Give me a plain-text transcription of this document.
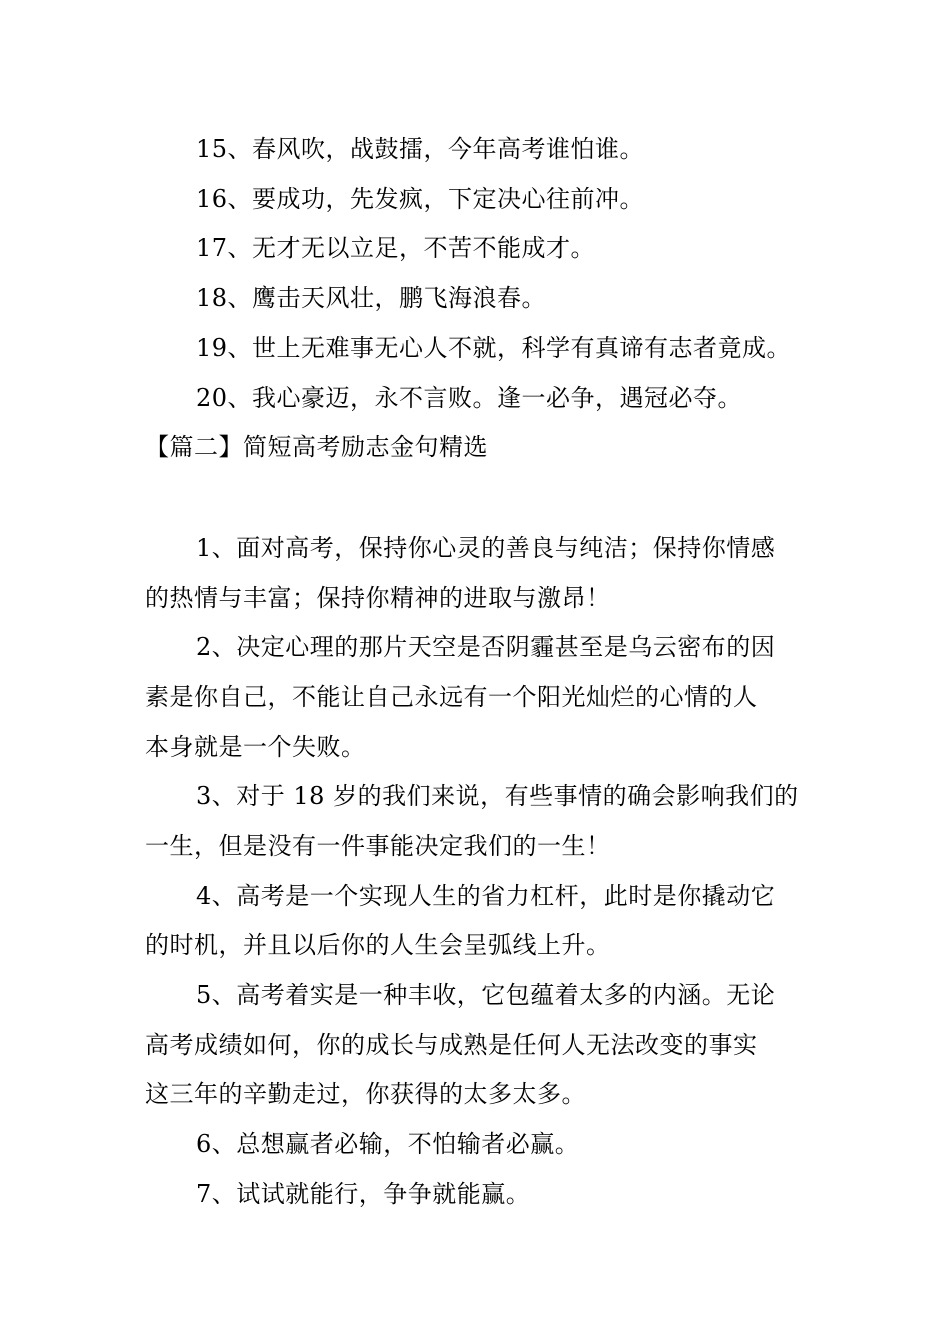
15、春风吹，战鼓擂，今年高考谁怕谁。
16、要成功，先发疯，下定决心往前冲。
17、无才无以立足，不苦不能成才。
18、鹰击天风壮，鹏飞海浪春。
19、世上无难事无心人不就，科学有真谛有志者竟成。
20、我心豪迈，永不言败。逢一必争，遇冠必夺。
【篇二】简短高考励志金句精选
1、面对高考，保持你心灵的善良与纯洁；保持你情感
的热情与丰富；保持你精神的进取与激昂！
2、决定心理的那片天空是否阴霾甚至是乌云密布的因
素是你自己，不能让自己永远有一个阳光灿烂的心情的人
本身就是一个失败。
3、对于 18 岁的我们来说，有些事情的确会影响我们的
一生，但是没有一件事能决定我们的一生！
4、高考是一个实现人生的省力杠杆，此时是你撬动它
的时机，并且以后你的人生会呈弧线上升。
5、高考着实是一种丰收，它包蕴着太多的内涵。无论
高考成绩如何，你的成长与成熟是任何人无法改变的事实
这三年的辛勤走过，你获得的太多太多。
6、总想赢者必输，不怕输者必赢。
7、试试就能行，争争就能赢。
